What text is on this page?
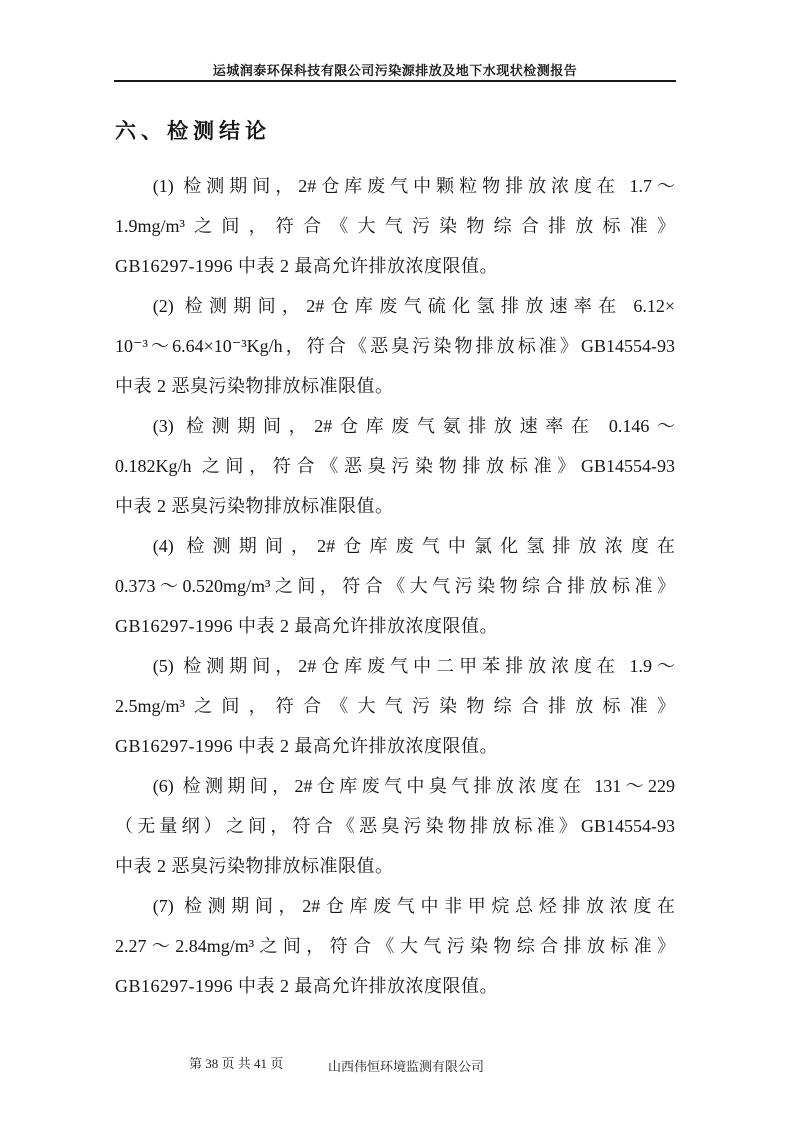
运城润泰环保科技有限公司污染源排放及地下水现状检测报告
六、检测结论
(1) 检测期间，2#仓库废气中颗粒物排放浓度在 1.7～
1.9mg/m³之间，符合《大气污染物综合排放标准》
GB16297-1996 中表 2 最高允许排放浓度限值。
(2) 检测期间，2#仓库废气硫化氢排放速率在 6.12×
10⁻³～6.64×10⁻³Kg/h，符合《恶臭污染物排放标准》GB14554-93
中表 2 恶臭污染物排放标准限值。
(3) 检测期间，2#仓库废气氨排放速率在 0.146～
0.182Kg/h 之间，符合《恶臭污染物排放标准》GB14554-93
中表 2 恶臭污染物排放标准限值。
(4) 检测期间，2#仓库废气中氯化氢排放浓度在
0.373～0.520mg/m³之间，符合《大气污染物综合排放标准》
GB16297-1996 中表 2 最高允许排放浓度限值。
(5) 检测期间，2#仓库废气中二甲苯排放浓度在 1.9～
2.5mg/m³之间，符合《大气污染物综合排放标准》
GB16297-1996 中表 2 最高允许排放浓度限值。
(6) 检测期间，2#仓库废气中臭气排放浓度在 131～229
（无量纲）之间，符合《恶臭污染物排放标准》GB14554-93
中表 2 恶臭污染物排放标准限值。
(7) 检测期间，2#仓库废气中非甲烷总烃排放浓度在
2.27～2.84mg/m³之间，符合《大气污染物综合排放标准》
GB16297-1996 中表 2 最高允许排放浓度限值。
第 38 页 共 41 页	山西伟恒环境监测有限公司
